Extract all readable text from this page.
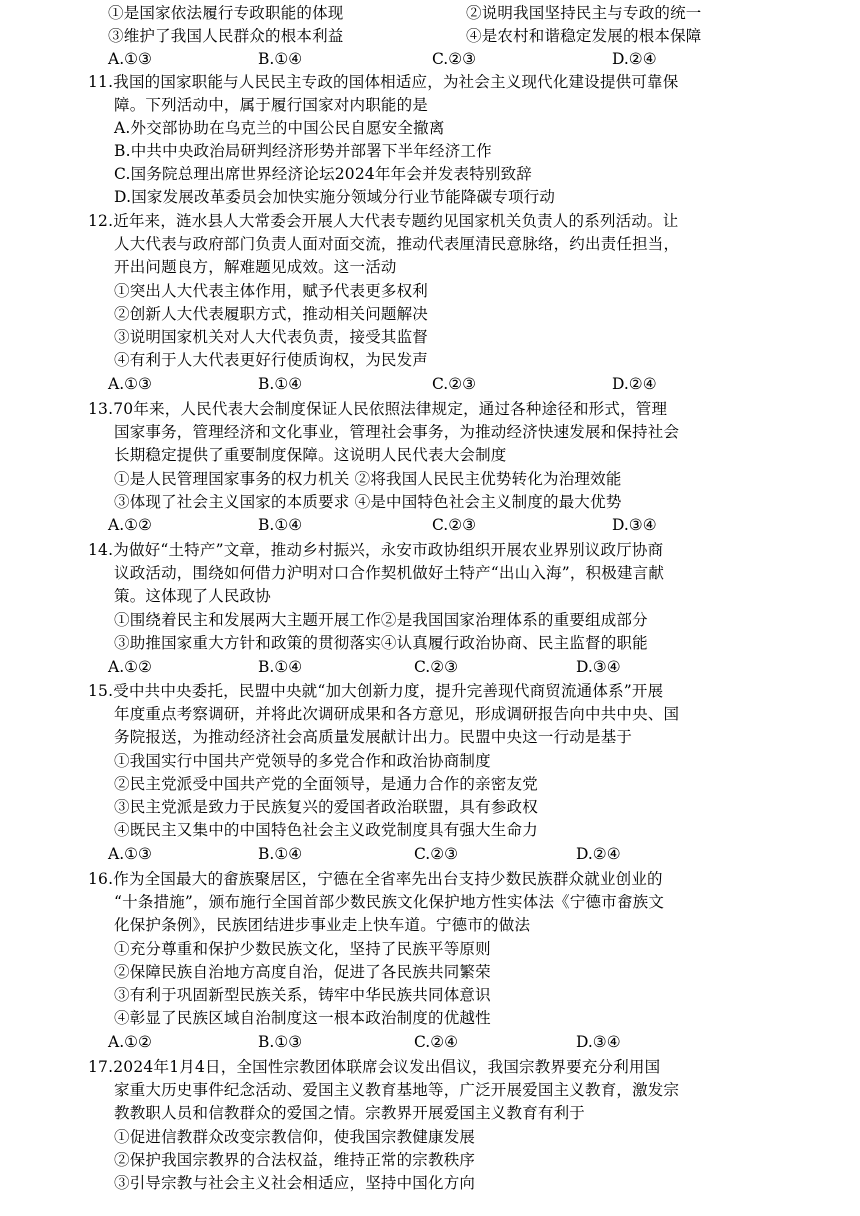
①是国家依法履行专政职能的体现	②说明我国坚持民主与专政的统一
③维护了我国人民群众的根本利益	④是农村和谐稳定发展的根本保障
A.①③	B.①④	C.②③	D.②④
11.我国的国家职能与人民民主专政的国体相适应，为社会主义现代化建设提供可靠保
障。下列活动中，属于履行国家对内职能的是
A.外交部协助在乌克兰的中国公民自愿安全撤离
B.中共中央政治局研判经济形势并部署下半年经济工作
C.国务院总理出席世界经济论坛2024年年会并发表特别致辞
D.国家发展改革委员会加快实施分领域分行业节能降碳专项行动
12.近年来，涟水县人大常委会开展人大代表专题约见国家机关负责人的系列活动。让
人大代表与政府部门负责人面对面交流，推动代表厘清民意脉络，约出责任担当，
开出问题良方，解难题见成效。这一活动
①突出人大代表主体作用，赋予代表更多权利
②创新人大代表履职方式，推动相关问题解决
③说明国家机关对人大代表负责，接受其监督
④有利于人大代表更好行使质询权，为民发声
A.①③	B.①④	C.②③	D.②④
13.70年来，人民代表大会制度保证人民依照法律规定，通过各种途径和形式，管理
国家事务，管理经济和文化事业，管理社会事务，为推动经济快速发展和保持社会
长期稳定提供了重要制度保障。这说明人民代表大会制度
①是人民管理国家事务的权力机关 ②将我国人民民主优势转化为治理效能
③体现了社会主义国家的本质要求 ④是中国特色社会主义制度的最大优势
A.①②	B.①④	C.②③	D.③④
14.为做好“土特产”文章，推动乡村振兴，永安市政协组织开展农业界别议政厅协商
议政活动，围绕如何借力沪明对口合作契机做好土特产“出山入海”，积极建言献
策。这体现了人民政协
①围绕着民主和发展两大主题开展工作②是我国国家治理体系的重要组成部分
③助推国家重大方针和政策的贯彻落实④认真履行政治协商、民主监督的职能
A.①②	B.①④	C.②③	D.③④
15.受中共中央委托，民盟中央就“加大创新力度，提升完善现代商贸流通体系”开展
年度重点考察调研，并将此次调研成果和各方意见，形成调研报告向中共中央、国
务院报送，为推动经济社会高质量发展献计出力。民盟中央这一行动是基于
①我国实行中国共产党领导的多党合作和政治协商制度
②民主党派受中国共产党的全面领导，是通力合作的亲密友党
③民主党派是致力于民族复兴的爱国者政治联盟，具有参政权
④既民主又集中的中国特色社会主义政党制度具有强大生命力
A.①③	B.①④	C.②③	D.②④
16.作为全国最大的畲族聚居区，宁德在全省率先出台支持少数民族群众就业创业的
“十条措施”，颁布施行全国首部少数民族文化保护地方性实体法《宁德市畲族文
化保护条例》，民族团结进步事业走上快车道。宁德市的做法
①充分尊重和保护少数民族文化，坚持了民族平等原则
②保障民族自治地方高度自治，促进了各民族共同繁荣
③有利于巩固新型民族关系，铸牢中华民族共同体意识
④彰显了民族区域自治制度这一根本政治制度的优越性
A.①②	B.①③	C.②④	D.③④
17.2024年1月4日，全国性宗教团体联席会议发出倡议，我国宗教界要充分利用国
家重大历史事件纪念活动、爱国主义教育基地等，广泛开展爱国主义教育，激发宗
教教职人员和信教群众的爱国之情。宗教界开展爱国主义教育有利于
①促进信教群众改变宗教信仰，使我国宗教健康发展
②保护我国宗教界的合法权益，维持正常的宗教秩序
③引导宗教与社会主义社会相适应，坚持中国化方向
